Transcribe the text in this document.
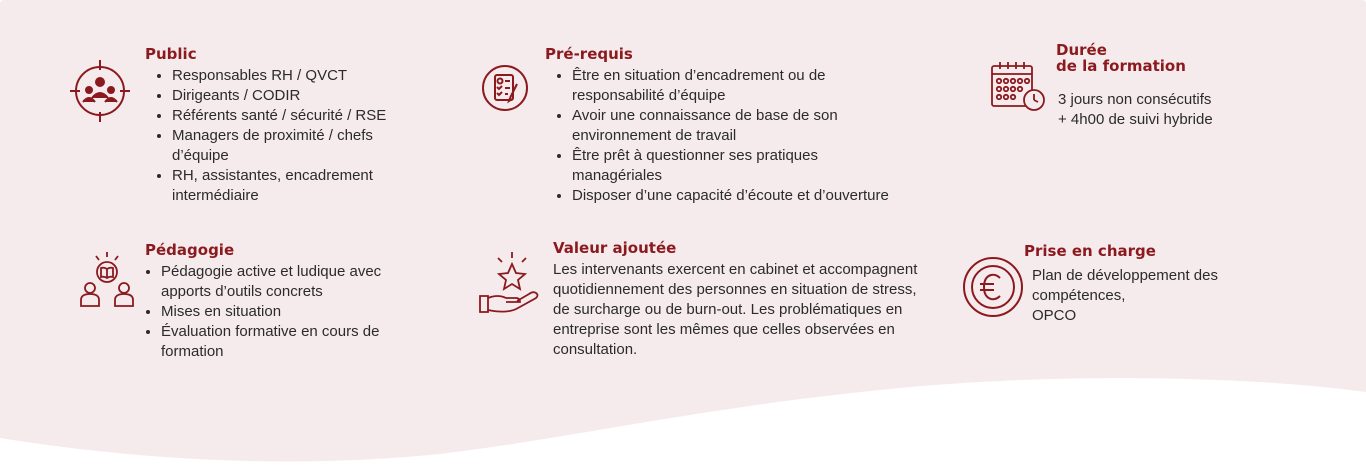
Public
• Responsables RH / QVCT
• Dirigeants / CODIR
• Référents santé / sécurité / RSE
• Managers de proximité / chefs d’équipe
• RH, assistantes, encadrement intermédiaire
Pré-requis
• Être en situation d’encadrement ou de responsabilité d’équipe
• Avoir une connaissance de base de son environnement de travail
• Être prêt à questionner ses pratiques managériales
• Disposer d’une capacité d’écoute et d’ouverture
Durée
de la formation
3 jours non consécutifs
+ 4h00 de suivi hybride
Pédagogie
• Pédagogie active et ludique avec apports d’outils concrets
• Mises en situation
• Évaluation formative en cours de formation
Valeur ajoutée
Les intervenants exercent en cabinet et accompagnent quotidiennement des personnes en situation de stress, de surcharge ou de burn-out. Les problématiques en entreprise sont les mêmes que celles observées en consultation.
Prise en charge
Plan de développement des
compétences,
OPCO
